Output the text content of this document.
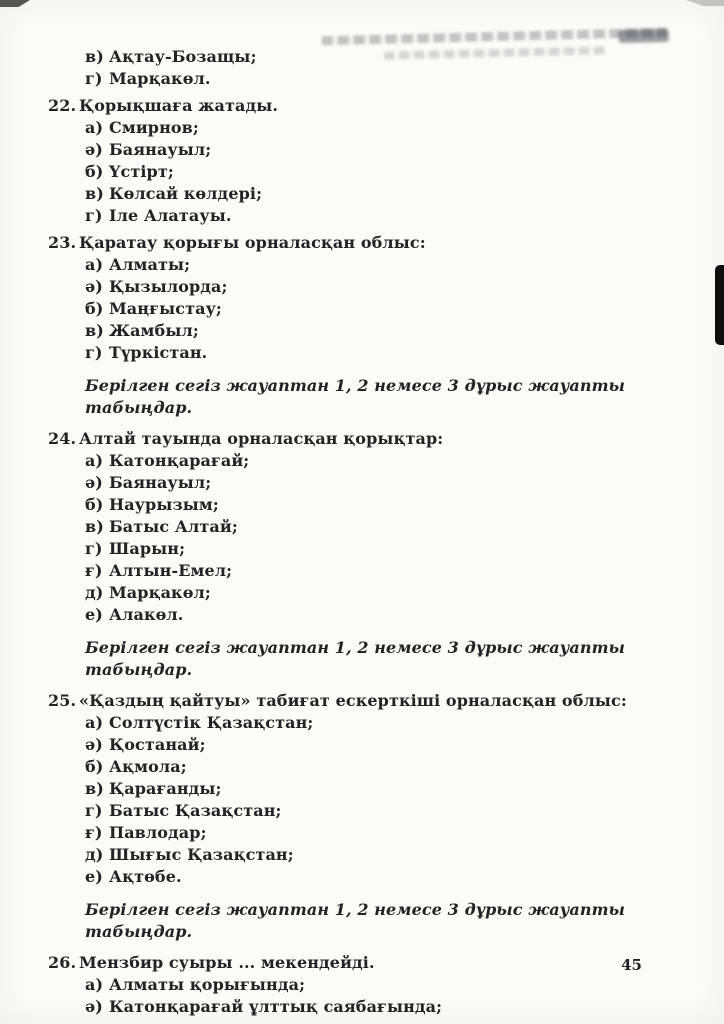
в) Ақтау-Бозащы;
г) Марқакөл.
22. Қорықшаға жатады.
а) Смирнов;
ә) Баянауыл;
б) Үстірт;
в) Көлсай көлдері;
г) Іле Алатауы.
23. Қаратау қорығы орналасқан облыс:
а) Алматы;
ә) Қызылорда;
б) Маңғыстау;
в) Жамбыл;
г) Түркістан.

Берілген сегіз жауаптан 1, 2 немесе 3 дұрыс жауапты табыңдар.

24. Алтай тауында орналасқан қорықтар:
а) Катонқарағай;
ә) Баянауыл;
б) Наурызым;
в) Батыс Алтай;
г) Шарын;
ғ) Алтын-Емел;
д) Марқакөл;
е) Алакөл.

Берілген сегіз жауаптан 1, 2 немесе 3 дұрыс жауапты табыңдар.

25. «Қаздың қайтуы» табиғат ескерткіші орналасқан облыс:
а) Солтүстік Қазақстан;
ә) Қостанай;
б) Ақмола;
в) Қарағанды;
г) Батыс Қазақстан;
ғ) Павлодар;
д) Шығыс Қазақстан;
е) Ақтөбе.

Берілген сегіз жауаптан 1, 2 немесе 3 дұрыс жауапты табыңдар.

26. Мензбир суыры ... мекендейді.
а) Алматы қорығында;
ә) Катонқарағай ұлттық саябағында;
45
